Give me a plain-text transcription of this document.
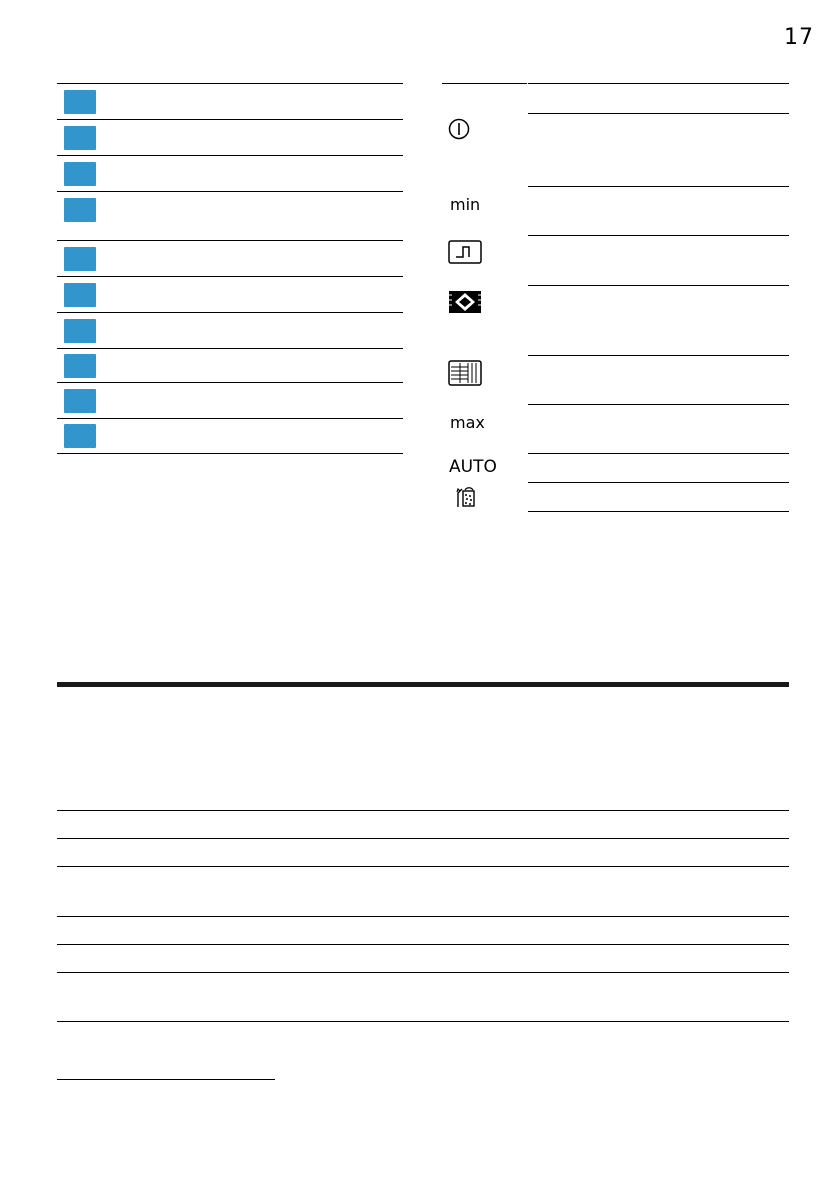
17
min
max
AUTO
